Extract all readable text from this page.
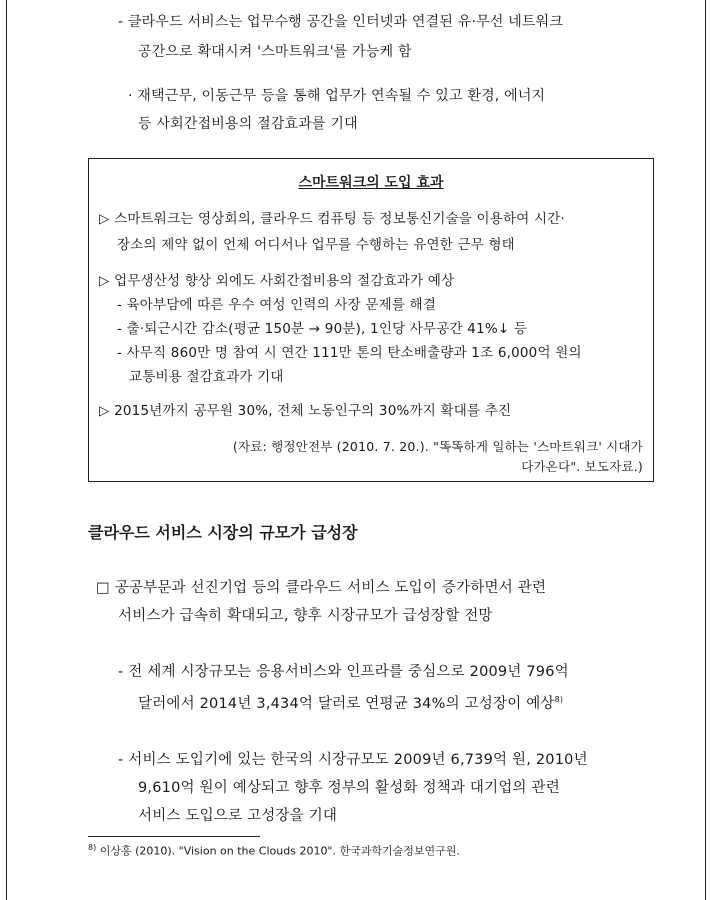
- 클라우드 서비스는 업무수행 공간을 인터넷과 연결된 유·무선 네트워크
공간으로 확대시켜 '스마트워크'를 가능케 함
· 재택근무, 이동근무 등을 통해 업무가 연속될 수 있고 환경, 에너지
등 사회간접비용의 절감효과를 기대
스마트워크의 도입 효과
▷ 스마트워크는 영상회의, 클라우드 컴퓨팅 등 정보통신기술을 이용하여 시간·
장소의 제약 없이 언제 어디서나 업무를 수행하는 유연한 근무 형태
▷ 업무생산성 향상 외에도 사회간접비용의 절감효과가 예상
- 육아부담에 따른 우수 여성 인력의 사장 문제를 해결
- 출·퇴근시간 감소(평균 150분 → 90분), 1인당 사무공간 41%↓ 등
- 사무직 860만 명 참여 시 연간 111만 톤의 탄소배출량과 1조 6,000억 원의
교통비용 절감효과가 기대
▷ 2015년까지 공무원 30%, 전체 노동인구의 30%까지 확대를 추진
(자료: 행정안전부 (2010. 7. 20.). "똑똑하게 일하는 '스마트워크' 시대가
다가온다". 보도자료.)
클라우드 서비스 시장의 규모가 급성장
□ 공공부문과 선진기업 등의 클라우드 서비스 도입이 증가하면서 관련
서비스가 급속히 확대되고, 향후 시장규모가 급성장할 전망
- 전 세계 시장규모는 응용서비스와 인프라를 중심으로 2009년 796억
달러에서 2014년 3,434억 달러로 연평균 34%의 고성장이 예상$^{8)}$
- 서비스 도입기에 있는 한국의 시장규모도 2009년 6,739억 원, 2010년
9,610억 원이 예상되고 향후 정부의 활성화 정책과 대기업의 관련
서비스 도입으로 고성장을 기대
$^{8)}$ 이상흥 (2010). "Vision on the Clouds 2010". 한국과학기술정보연구원.
